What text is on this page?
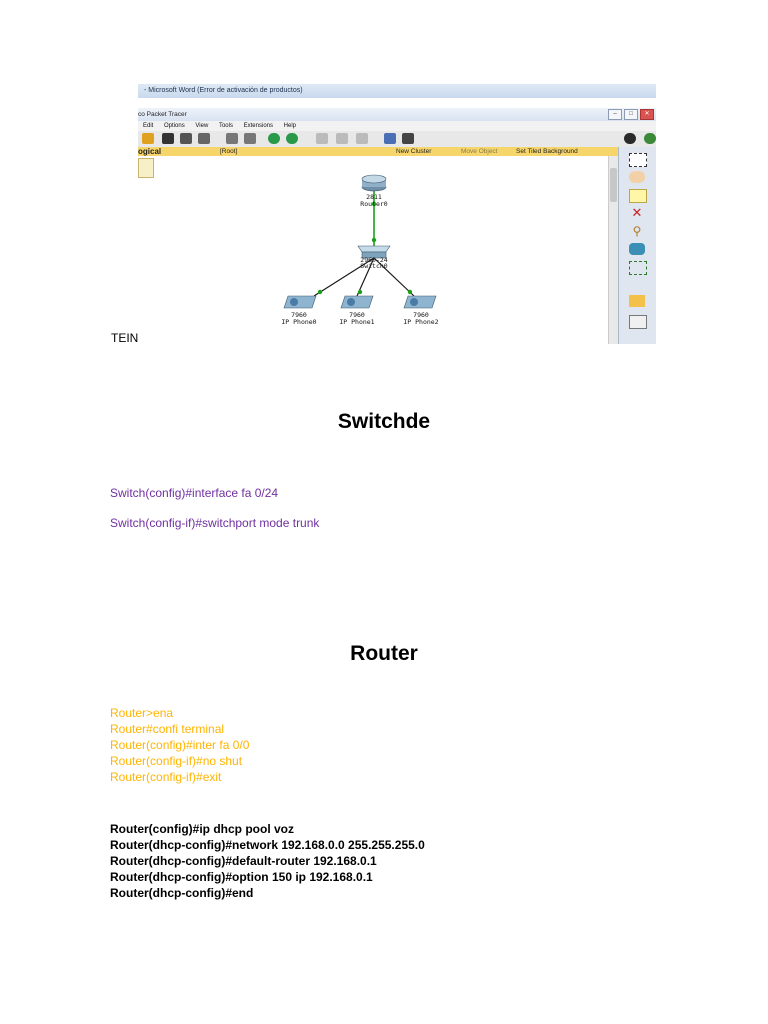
- Microsoft Word (Error de activación de productos)
co Packet Tracer	–	□	✕
Edit Options View Tools Extensions Help
ogical	[Root]	New Cluster	Move Object	Set Tiled Background
2811
Router0
2960-24
Switch0
7960
IP Phone0
7960
IP Phone1
7960
IP Phone2
✕
⚲
TEIN
Switchde
Switch(config)#interface fa 0/24
Switch(config-if)#switchport mode trunk
Router
Router>ena
Router#confi terminal
Router(config)#inter fa 0/0
Router(config-if)#no shut
Router(config-if)#exit
Router(config)#ip dhcp pool voz
Router(dhcp-config)#network 192.168.0.0 255.255.255.0
Router(dhcp-config)#default-router 192.168.0.1
Router(dhcp-config)#option 150 ip 192.168.0.1
Router(dhcp-config)#end
